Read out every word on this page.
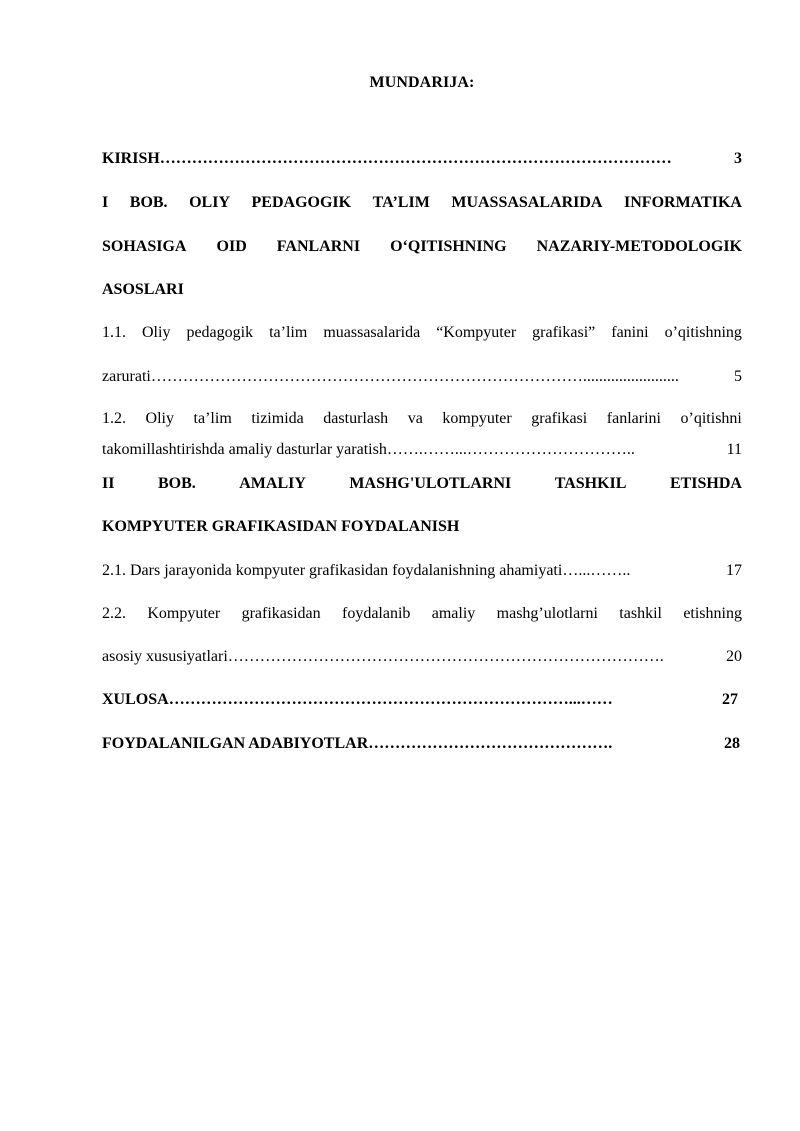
MUNDARIJA:
KIRISH ……………………………………………………………………………………	3
I BOB. OLIY PEDAGOGIK TA’LIM MUASSASALARIDA INFORMATIKA
SOHASIGA OID FANLARNI O‘QITISHNING NAZARIY-METODOLOGIK
ASOSLARI
1.1. Oliy pedagogik ta’lim muassasalarida “Kompyuter grafikasi” fanini o’qitishning
zarurati ………………………………………………………………………........................	5
1.2. Oliy ta’lim tizimida dasturlash va kompyuter grafikasi fanlarini o’qitishni
takomillashtirishda amaliy dasturlar yaratish …….……...…………………………..	11
II	BOB.	AMALIY	MASHG'ULOTLARNI	TASHKIL	ETISHDA
KOMPYUTER GRAFIKASIDAN FOYDALANISH
2.1. Dars jarayonida kompyuter grafikasidan foydalanishning ahamiyati …...……..	17
2.2. Kompyuter grafikasidan foydalanib amaliy mashg’ulotlarni tashkil etishning
asosiy xususiyatlari ……………………………………………………………………….	20
XULOSA …………………………………………………………………...……	27
FOYDALANILGAN ADABIYOTLAR ……………………………………….	28
